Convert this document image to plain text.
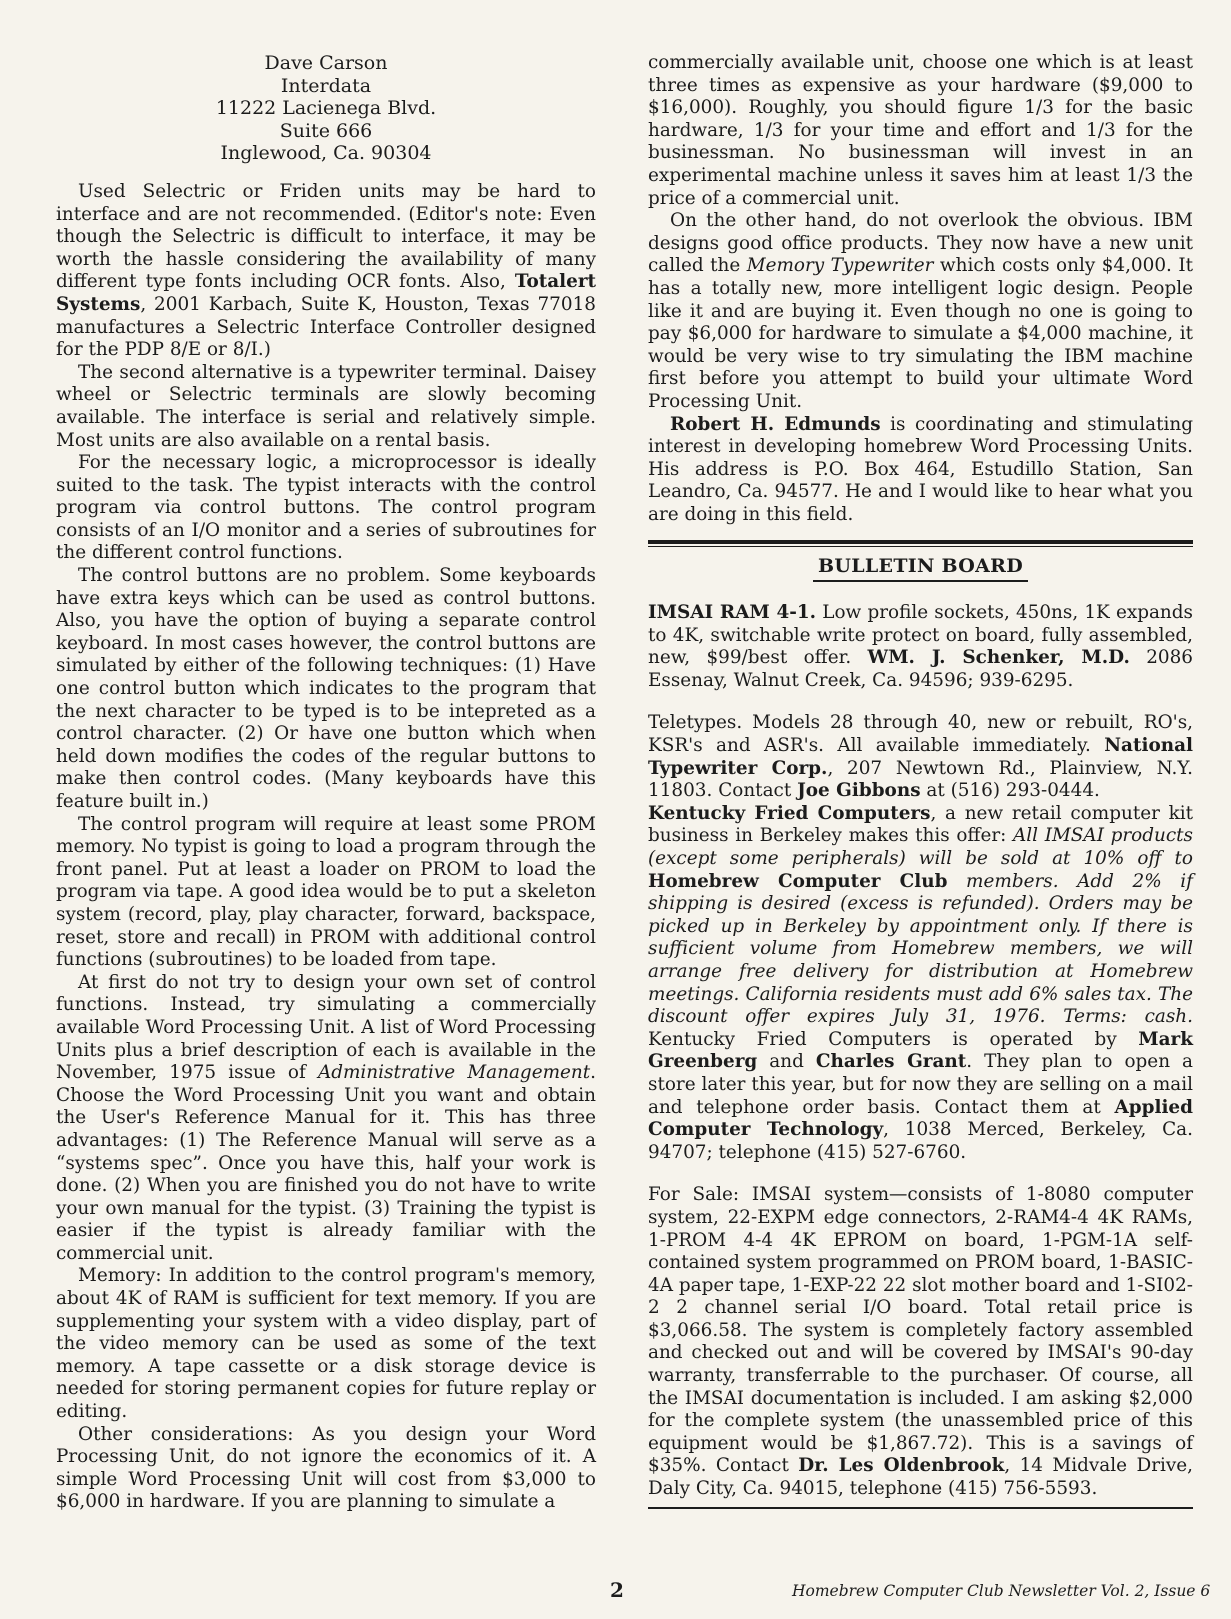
Dave Carson
Interdata
11222 Lacienega Blvd.
Suite 666
Inglewood, Ca. 90304

Used Selectric or Friden units may be hard to interface and are not recommended. (Editor's note: Even though the Selectric is difficult to interface, it may be worth the hassle considering the availability of many different type fonts including OCR fonts. Also, Totalert Systems, 2001 Karbach, Suite K, Houston, Texas 77018 manufactures a Selectric Interface Controller designed for the PDP 8/E or 8/I.)

The second alternative is a typewriter terminal. Daisey wheel or Selectric terminals are slowly becoming available. The interface is serial and relatively simple. Most units are also available on a rental basis.

For the necessary logic, a microprocessor is ideally suited to the task. The typist interacts with the control program via control buttons. The control program consists of an I/O monitor and a series of subroutines for the different control functions.

The control buttons are no problem. Some keyboards have extra keys which can be used as control buttons. Also, you have the option of buying a separate control keyboard. In most cases however, the control buttons are simulated by either of the following techniques: (1) Have one control button which indicates to the program that the next character to be typed is to be intepreted as a control character. (2) Or have one button which when held down modifies the codes of the regular buttons to make then control codes. (Many keyboards have this feature built in.)

The control program will require at least some PROM memory. No typist is going to load a program through the front panel. Put at least a loader on PROM to load the program via tape. A good idea would be to put a skeleton system (record, play, play character, forward, backspace, reset, store and recall) in PROM with additional control functions (subroutines) to be loaded from tape.

At first do not try to design your own set of control functions. Instead, try simulating a commercially available Word Processing Unit. A list of Word Processing Units plus a brief description of each is available in the November, 1975 issue of Administrative Management. Choose the Word Processing Unit you want and obtain the User's Reference Manual for it. This has three advantages: (1) The Reference Manual will serve as a “systems spec”. Once you have this, half your work is done. (2) When you are finished you do not have to write your own manual for the typist. (3) Training the typist is easier if the typist is already familiar with the commercial unit.

Memory: In addition to the control program's memory, about 4K of RAM is sufficient for text memory. If you are supplementing your system with a video display, part of the video memory can be used as some of the text memory. A tape cassette or a disk storage device is needed for storing permanent copies for future replay or editing.

Other considerations: As you design your Word Processing Unit, do not ignore the economics of it. A simple Word Processing Unit will cost from $3,000 to $6,000 in hardware. If you are planning to simulate a

commercially available unit, choose one which is at least three times as expensive as your hardware ($9,000 to $16,000). Roughly, you should figure 1/3 for the basic hardware, 1/3 for your time and effort and 1/3 for the businessman. No businessman will invest in an experimental machine unless it saves him at least 1/3 the price of a commercial unit.

On the other hand, do not overlook the obvious. IBM designs good office products. They now have a new unit called the Memory Typewriter which costs only $4,000. It has a totally new, more intelligent logic design. People like it and are buying it. Even though no one is going to pay $6,000 for hardware to simulate a $4,000 machine, it would be very wise to try simulating the IBM machine first before you attempt to build your ultimate Word Processing Unit.

Robert H. Edmunds is coordinating and stimulating interest in developing homebrew Word Processing Units. His address is P.O. Box 464, Estudillo Station, San Leandro, Ca. 94577. He and I would like to hear what you are doing in this field.

BULLETIN BOARD

IMSAI RAM 4-1. Low profile sockets, 450ns, 1K expands to 4K, switchable write protect on board, fully assembled, new, $99/best offer. WM. J. Schenker, M.D. 2086 Essenay, Walnut Creek, Ca. 94596; 939-6295.

Teletypes. Models 28 through 40, new or rebuilt, RO's, KSR's and ASR's. All available immediately. National Typewriter Corp., 207 Newtown Rd., Plainview, N.Y. 11803. Contact Joe Gibbons at (516) 293-0444.

Kentucky Fried Computers, a new retail computer kit business in Berkeley makes this offer: All IMSAI products (except some peripherals) will be sold at 10% off to Homebrew Computer Club members. Add 2% if shipping is desired (excess is refunded). Orders may be picked up in Berkeley by appointment only. If there is sufficient volume from Homebrew members, we will arrange free delivery for distribution at Homebrew meetings. California residents must add 6% sales tax. The discount offer expires July 31, 1976. Terms: cash. Kentucky Fried Computers is operated by Mark Greenberg and Charles Grant. They plan to open a store later this year, but for now they are selling on a mail and telephone order basis. Contact them at Applied Computer Technology, 1038 Merced, Berkeley, Ca. 94707; telephone (415) 527-6760.

For Sale: IMSAI system—consists of 1-8080 computer system, 22-EXPM edge connectors, 2-RAM4-4 4K RAMs, 1-PROM 4-4 4K EPROM on board, 1-PGM-1A self-contained system programmed on PROM board, 1-BASIC-4A paper tape, 1-EXP-22 22 slot mother board and 1-SI02-2 2 channel serial I/O board. Total retail price is $3,066.58. The system is completely factory assembled and checked out and will be covered by IMSAI's 90-day warranty, transferrable to the purchaser. Of course, all the IMSAI documentation is included. I am asking $2,000 for the complete system (the unassembled price of this equipment would be $1,867.72). This is a savings of $35%. Contact Dr. Les Oldenbrook, 14 Midvale Drive, Daly City, Ca. 94015, telephone (415) 756-5593.

2	Homebrew Computer Club Newsletter Vol. 2, Issue 6
